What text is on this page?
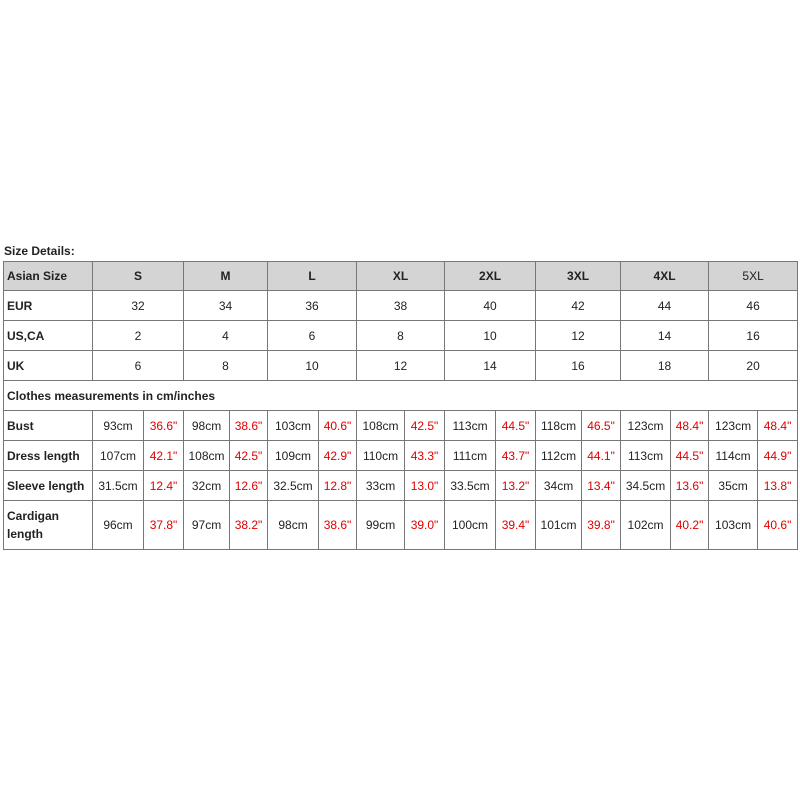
Size Details:
Asian Size	S		M		L		XL		2XL		3XL		4XL		5XL	
EUR	32		34		36		38		40		42		44		46	
US,CA	2		4		6		8		10		12		14		16	
UK	6		8		10		12		14		16		18		20	
Clothes measurements in cm/inches																
Bust	93cm	36.6"	98cm	38.6"	103cm	40.6"	108cm	42.5"	113cm	44.5"	118cm	46.5"	123cm	48.4"	123cm	48.4"
Dress length	107cm	42.1"	108cm	42.5"	109cm	42.9"	110cm	43.3"	111cm	43.7"	112cm	44.1"	113cm	44.5"	114cm	44.9"
Sleeve length	31.5cm	12.4"	32cm	12.6"	32.5cm	12.8"	33cm	13.0"	33.5cm	13.2"	34cm	13.4"	34.5cm	13.6"	35cm	13.8"
Cardigan length	96cm	37.8"	97cm	38.2"	98cm	38.6"	99cm	39.0"	100cm	39.4"	101cm	39.8"	102cm	40.2"	103cm	40.6"
